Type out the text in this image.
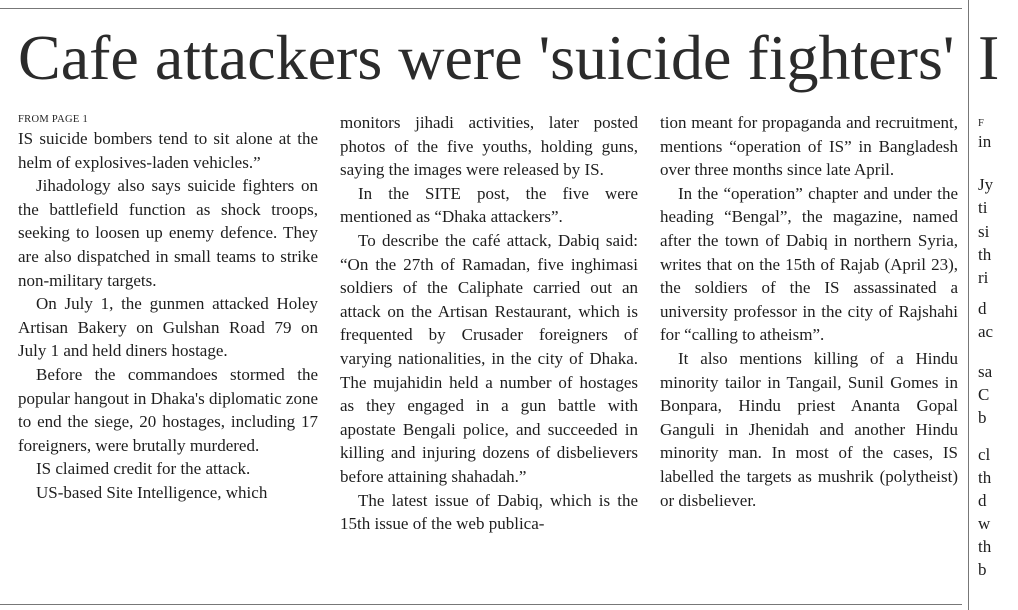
Cafe attackers were 'suicide fighters'
FROM PAGE 1

IS suicide bombers tend to sit alone at the helm of explosives-laden vehicles.”

Jihadology also says suicide fighters on the battlefield function as shock troops, seeking to loosen up enemy defence. They are also dispatched in small teams to strike non-military targets.

On July 1, the gunmen attacked Holey Artisan Bakery on Gulshan Road 79 on July 1 and held diners hostage.

Before the commandoes stormed the popular hangout in Dhaka's diplomatic zone to end the siege, 20 hostages, including 17 foreigners, were brutally murdered.

IS claimed credit for the attack.

US-based Site Intelligence, which

monitors jihadi activities, later posted photos of the five youths, holding guns, saying the images were released by IS.

In the SITE post, the five were mentioned as “Dhaka attackers”.

To describe the café attack, Dabiq said: “On the 27th of Ramadan, five inghimasi soldiers of the Caliphate carried out an attack on the Artisan Restaurant, which is frequented by Crusader foreigners of varying nationalities, in the city of Dhaka. The mujahidin held a number of hostages as they engaged in a gun battle with apostate Bengali police, and succeeded in killing and injuring dozens of disbelievers before attaining shahadah.”

The latest issue of Dabiq, which is the 15th issue of the web publica-

tion meant for propaganda and recruitment, mentions “operation of IS” in Bangladesh over three months since late April.

In the “operation” chapter and under the heading “Bengal”, the magazine, named after the town of Dabiq in northern Syria, writes that on the 15th of Rajab (April 23), the soldiers of the IS assassinated a university professor in the city of Rajshahi for “calling to atheism”.

It also mentions killing of a Hindu minority tailor in Tangail, Sunil Gomes in Bonpara, Hindu priest Ananta Gopal Ganguli in Jhenidah and another Hindu minority man. In most of the cases, IS labelled the targets as mushrik (polytheist) or disbeliever.

I
F
in
Jy
ti
si
th
ri
d
ac
sa
C
b
cl
th
d
w
th
b
